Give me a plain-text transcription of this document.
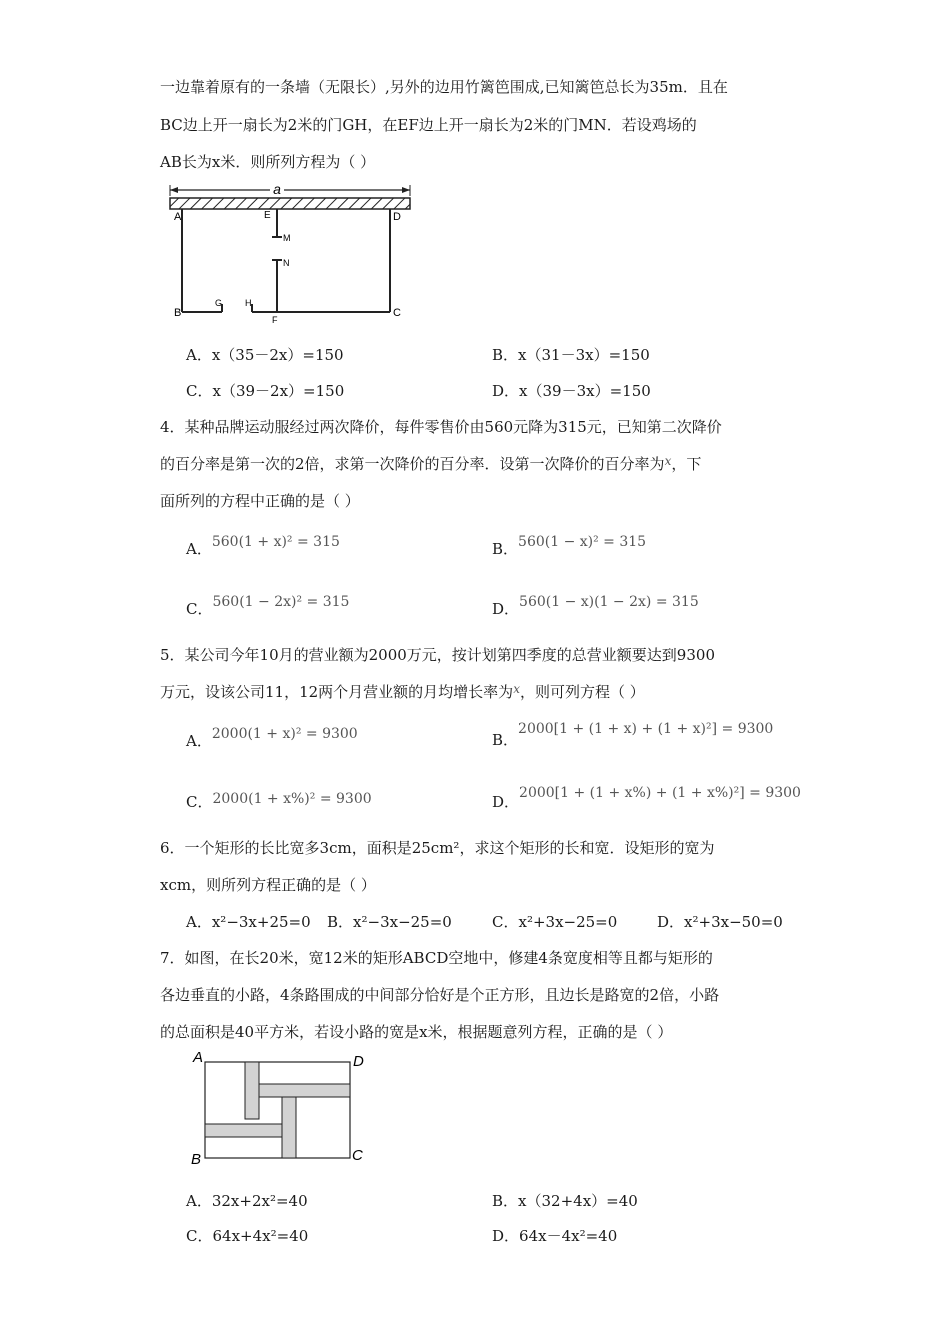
一边靠着原有的一条墙（无限长）,另外的边用竹篱笆围成,已知篱笆总长为35m．且在
BC边上开一扇长为2米的门GH，在EF边上开一扇长为2米的门MN．若设鸡场的
AB长为x米．则所列方程为（ ）
a
A	E	D
M
N
B
G	H
F
C
A．x（35－2x）=150	B．x（31－3x）=150
C．x（39－2x）=150	D．x（39－3x）=150
4．某种品牌运动服经过两次降价，每件零售价由560元降为315元，已知第二次降价
的百分率是第一次的2倍，求第一次降价的百分率．设第一次降价的百分率为$^x$，下
面所列的方程中正确的是（ ）
A．560(1 + x)² = 315	B．560(1 − x)² = 315
C．560(1 − 2x)² = 315	D．560(1 − x)(1 − 2x) = 315
5．某公司今年10月的营业额为2000万元，按计划第四季度的总营业额要达到9300
万元，设该公司11，12两个月营业额的月均增长率为$^x$，则可列方程（ ）
A．2000(1 + x)² = 9300	B．2000[1 + (1 + x) + (1 + x)²] = 9300
C．2000(1 + x%)² = 9300	D．2000[1 + (1 + x%) + (1 + x%)²] = 9300
6．一个矩形的长比宽多3cm，面积是25cm²，求这个矩形的长和宽．设矩形的宽为
xcm，则所列方程正确的是（ ）
A．x²−3x+25=0 B．x²−3x−25=0	C．x²+3x−25=0	D．x²+3x−50=0
7．如图，在长20米，宽12米的矩形ABCD空地中，修建4条宽度相等且都与矩形的
各边垂直的小路，4条路围成的中间部分恰好是个正方形，且边长是路宽的2倍，小路
的总面积是40平方米，若设小路的宽是x米，根据题意列方程，正确的是（ ）
A	D
B	C
A．32x+2x²=40	B．x（32+4x）=40
C．64x+4x²=40	D．64x－4x²=40
